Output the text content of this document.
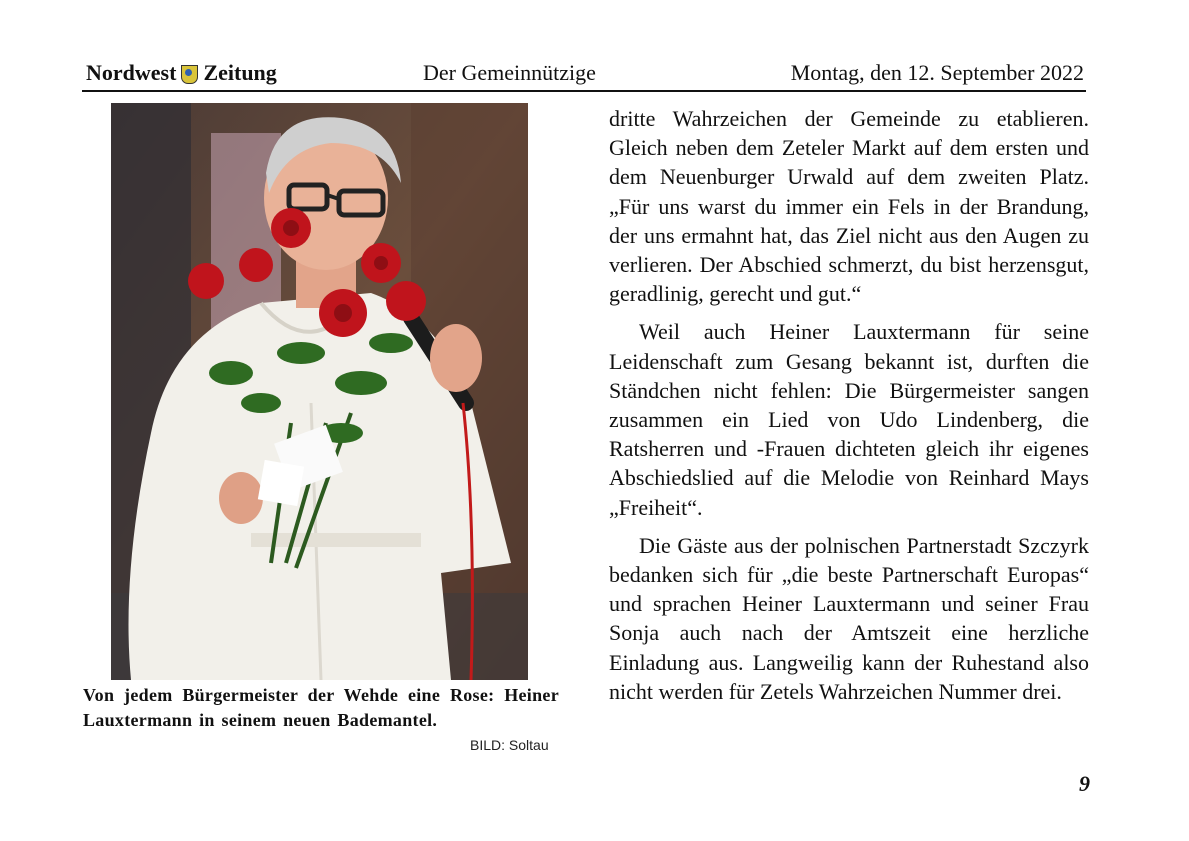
Nordwest Zeitung	Der Gemeinnützige	Montag, den 12. September 2022
Von jedem Bürgermeister der Wehde eine Rose: Heiner Lauxtermann in seinem neuen Bademantel.
BILD: Soltau

dritte Wahrzeichen der Gemeinde zu etablieren. Gleich neben dem Zeteler Markt auf dem ersten und dem Neuenburger Urwald auf dem zweiten Platz. „Für uns warst du immer ein Fels in der Brandung, der uns ermahnt hat, das Ziel nicht aus den Augen zu verlieren. Der Abschied schmerzt, du bist herzensgut, geradlinig, gerecht und gut.“

Weil auch Heiner Lauxtermann für seine Leidenschaft zum Gesang bekannt ist, durften die Ständchen nicht fehlen: Die Bürgermeister sangen zusammen ein Lied von Udo Lindenberg, die Ratsherren und -Frauen dichteten gleich ihr eigenes Abschiedslied auf die Melodie von Reinhard Mays „Freiheit“.

Die Gäste aus der polnischen Partnerstadt Szczyrk bedanken sich für „die beste Partnerschaft Europas“ und sprachen Heiner Lauxtermann und seiner Frau Sonja auch nach der Amtszeit eine herzliche Einladung aus. Langweilig kann der Ruhestand also nicht werden für Zetels Wahrzeichen Nummer drei.

9
